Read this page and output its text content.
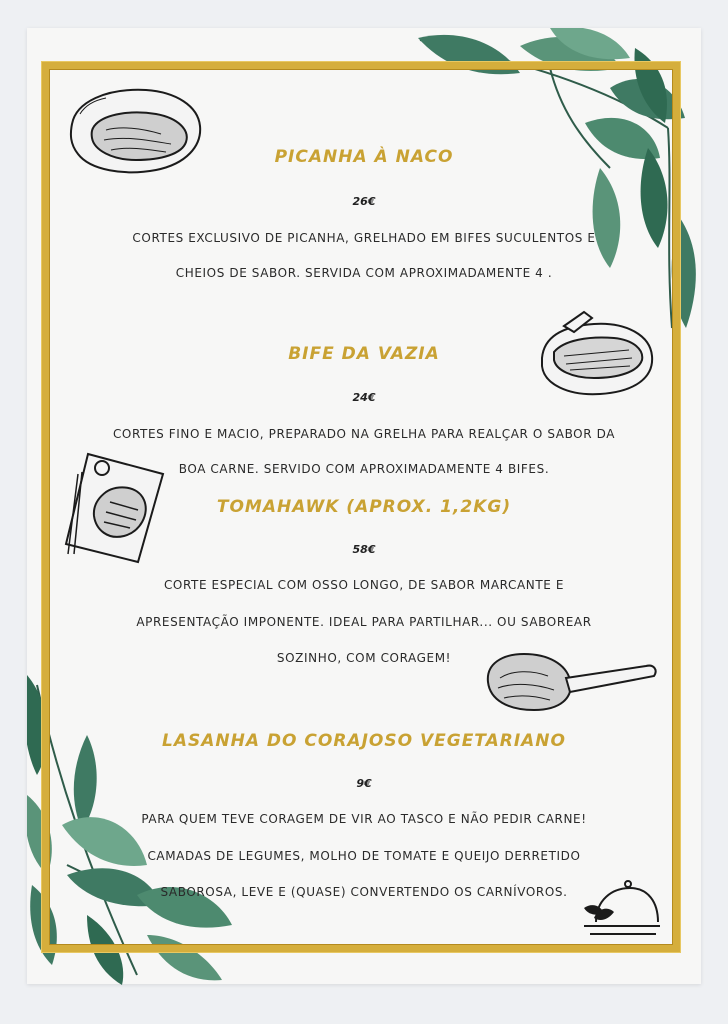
PICANHA À NACO
26€
CORTES EXCLUSIVO DE PICANHA, GRELHADO EM BIFES SUCULENTOS E
CHEIOS DE SABOR. SERVIDA COM APROXIMADAMENTE 4 .
BIFE DA VAZIA
24€
CORTES FINO E MACIO, PREPARADO NA GRELHA PARA REALÇAR O SABOR DA
BOA CARNE. SERVIDO COM APROXIMADAMENTE 4 BIFES.
TOMAHAWK (APROX. 1,2KG)
58€
CORTE ESPECIAL COM OSSO LONGO, DE SABOR MARCANTE E
APRESENTAÇÃO IMPONENTE. IDEAL PARA PARTILHAR... OU SABOREAR
SOZINHO, COM CORAGEM!
LASANHA DO CORAJOSO VEGETARIANO
9€
PARA QUEM TEVE CORAGEM DE VIR AO TASCO E NÃO PEDIR CARNE!
CAMADAS DE LEGUMES, MOLHO DE TOMATE E QUEIJO DERRETIDO
SABOROSA, LEVE E (QUASE) CONVERTENDO OS CARNÍVOROS.
